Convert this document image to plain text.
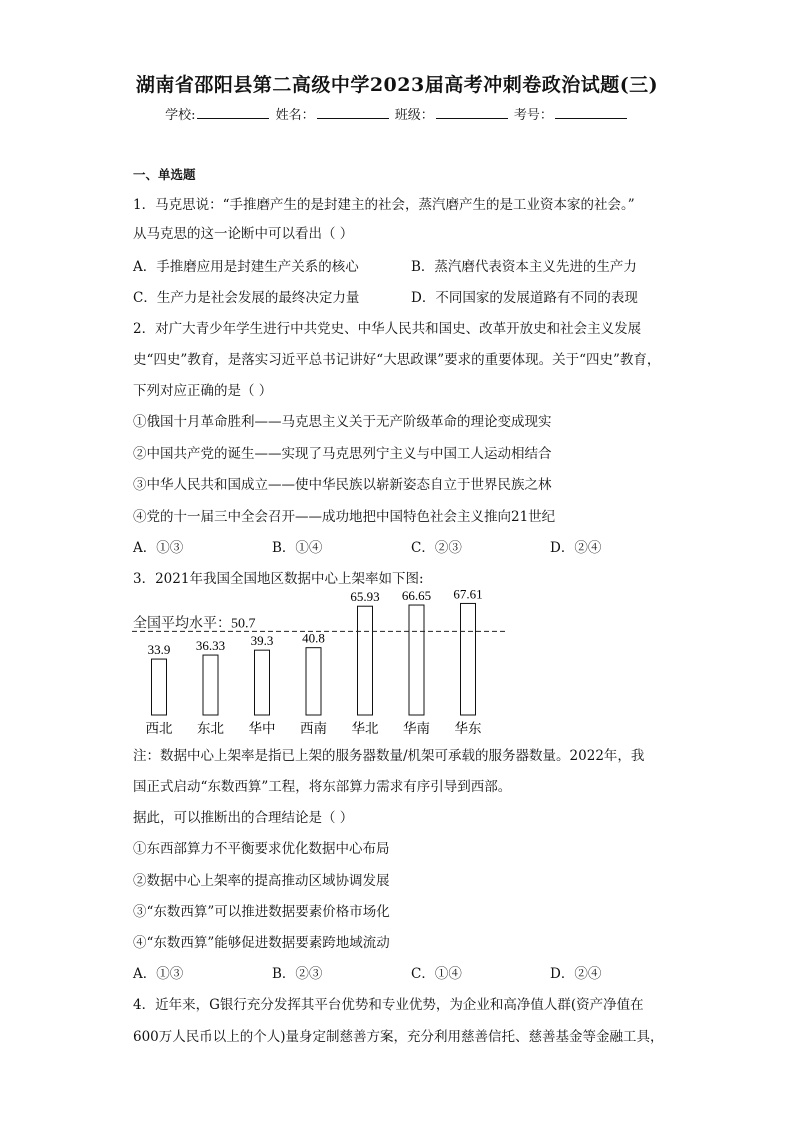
湖南省邵阳县第二高级中学2023届高考冲刺卷政治试题(三)
学校:	姓名：	班级：	考号：
一、单选题
1．马克思说：“手推磨产生的是封建主的社会，蒸汽磨产生的是工业资本家的社会。”
从马克思的这一论断中可以看出（ ）
A．手推磨应用是封建生产关系的核心	B．蒸汽磨代表资本主义先进的生产力
C．生产力是社会发展的最终决定力量	D．不同国家的发展道路有不同的表现
2．对广大青少年学生进行中共党史、中华人民共和国史、改革开放史和社会主义发展
史“四史”教育，是落实习近平总书记讲好“大思政课”要求的重要体现。关于“四史”教育，
下列对应正确的是（ ）
①俄国十月革命胜利——马克思主义关于无产阶级革命的理论变成现实
②中国共产党的诞生——实现了马克思列宁主义与中国工人运动相结合
③中华人民共和国成立——使中华民族以崭新姿态自立于世界民族之林
④党的十一届三中全会召开——成功地把中国特色社会主义推向21世纪
A．①③	B．①④	C．②③	D．②④
3．2021年我国全国地区数据中心上架率如下图:
33.9
西北
36.33
东北
39.3
华中
40.8
西南
65.93
华北
66.65
华南
67.61
华东
全国平均水平：50.7
注：数据中心上架率是指已上架的服务器数量/机架可承载的服务器数量。2022年，我
国正式启动“东数西算”工程，将东部算力需求有序引导到西部。
据此，可以推断出的合理结论是（ ）
①东西部算力不平衡要求优化数据中心布局
②数据中心上架率的提高推动区域协调发展
③“东数西算”可以推进数据要素价格市场化
④“东数西算”能够促进数据要素跨地域流动
A．①③	B．②③	C．①④	D．②④
4．近年来，G银行充分发挥其平台优势和专业优势，为企业和高净值人群(资产净值在
600万人民币以上的个人)量身定制慈善方案，充分利用慈善信托、慈善基金等金融工具，
